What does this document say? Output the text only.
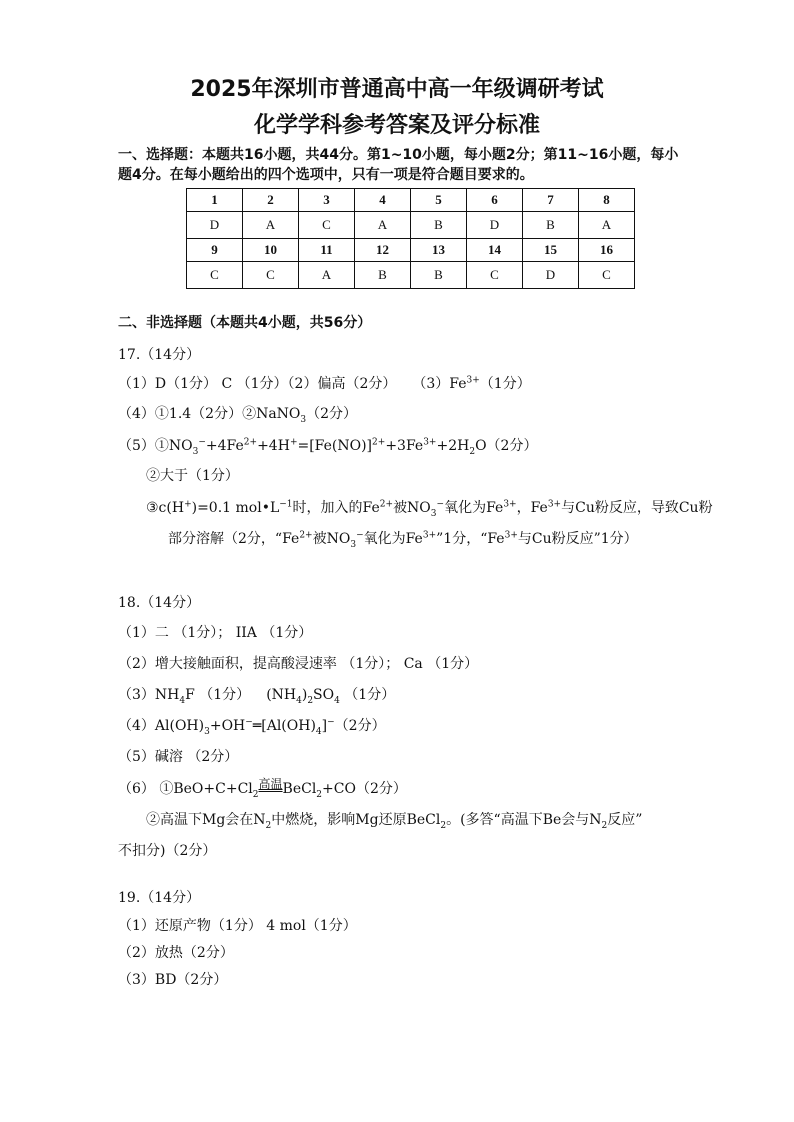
2025年深圳市普通高中高一年级调研考试
化学学科参考答案及评分标准
一、选择题：本题共16小题，共44分。第1~10小题，每小题2分；第11~16小题，每小
题4分。在每小题给出的四个选项中，只有一项是符合题目要求的。
1	2	3	4	5	6	7	8
D	A	C	A	B	D	B	A
9	10	11	12	13	14	15	16
C	C	A	B	B	C	D	C
二、非选择题（本题共4小题，共56分）
17.（14分）
（1）D（1分） C （1分）（2）偏高（2分） $(3)Fe^{3+}(1$分）
（4）①1.4（2分）②NaNO$_3$（2分）
$(5)①NO_3^-+4Fe^{2+}+4H^+=[Fe(NO)]^{2+}+3Fe^{3+}+2H_2O(2$分）
②大于（1分）
③c(H+)=0.1 $mol•L^{-1}$时，加入的$Fe^{2+}$被$NO_3^-$氧化为$Fe^{3+}$，$Fe^{3+}$与Cu粉反应，导致Cu粉
部分溶解（2分，“$Fe^{2+}$被$NO_3^-$氧化为$Fe^{3+}”1$分，“$Fe^{3+}$与Cu粉反应”1分）
18.（14分）
（1）二 （1分）； IIA （1分）
（2）增大接触面积，提高酸浸速率 （1分）； Ca （1分）
$(3)NH_4F$ （1分） $(NH_4)_2SO_4$ （1分）
$(4)Al(OH)_3+OH^-═[Al(OH)_4]^-(2$分）
（5）碱溶 （2分）
（6） $①BeO+C+Cl_2$高温BeCl$_2$+CO（2分）
②高温下Mg会在$N_2$中燃烧，影响Mg还原BeCl$_2$。(多答“高温下Be会与$N_2$反应”
不扣分)（2分）
19.（14分）
（1）还原产物（1分） 4 mol（1分）
（2）放热（2分）
（3）BD（2分）
